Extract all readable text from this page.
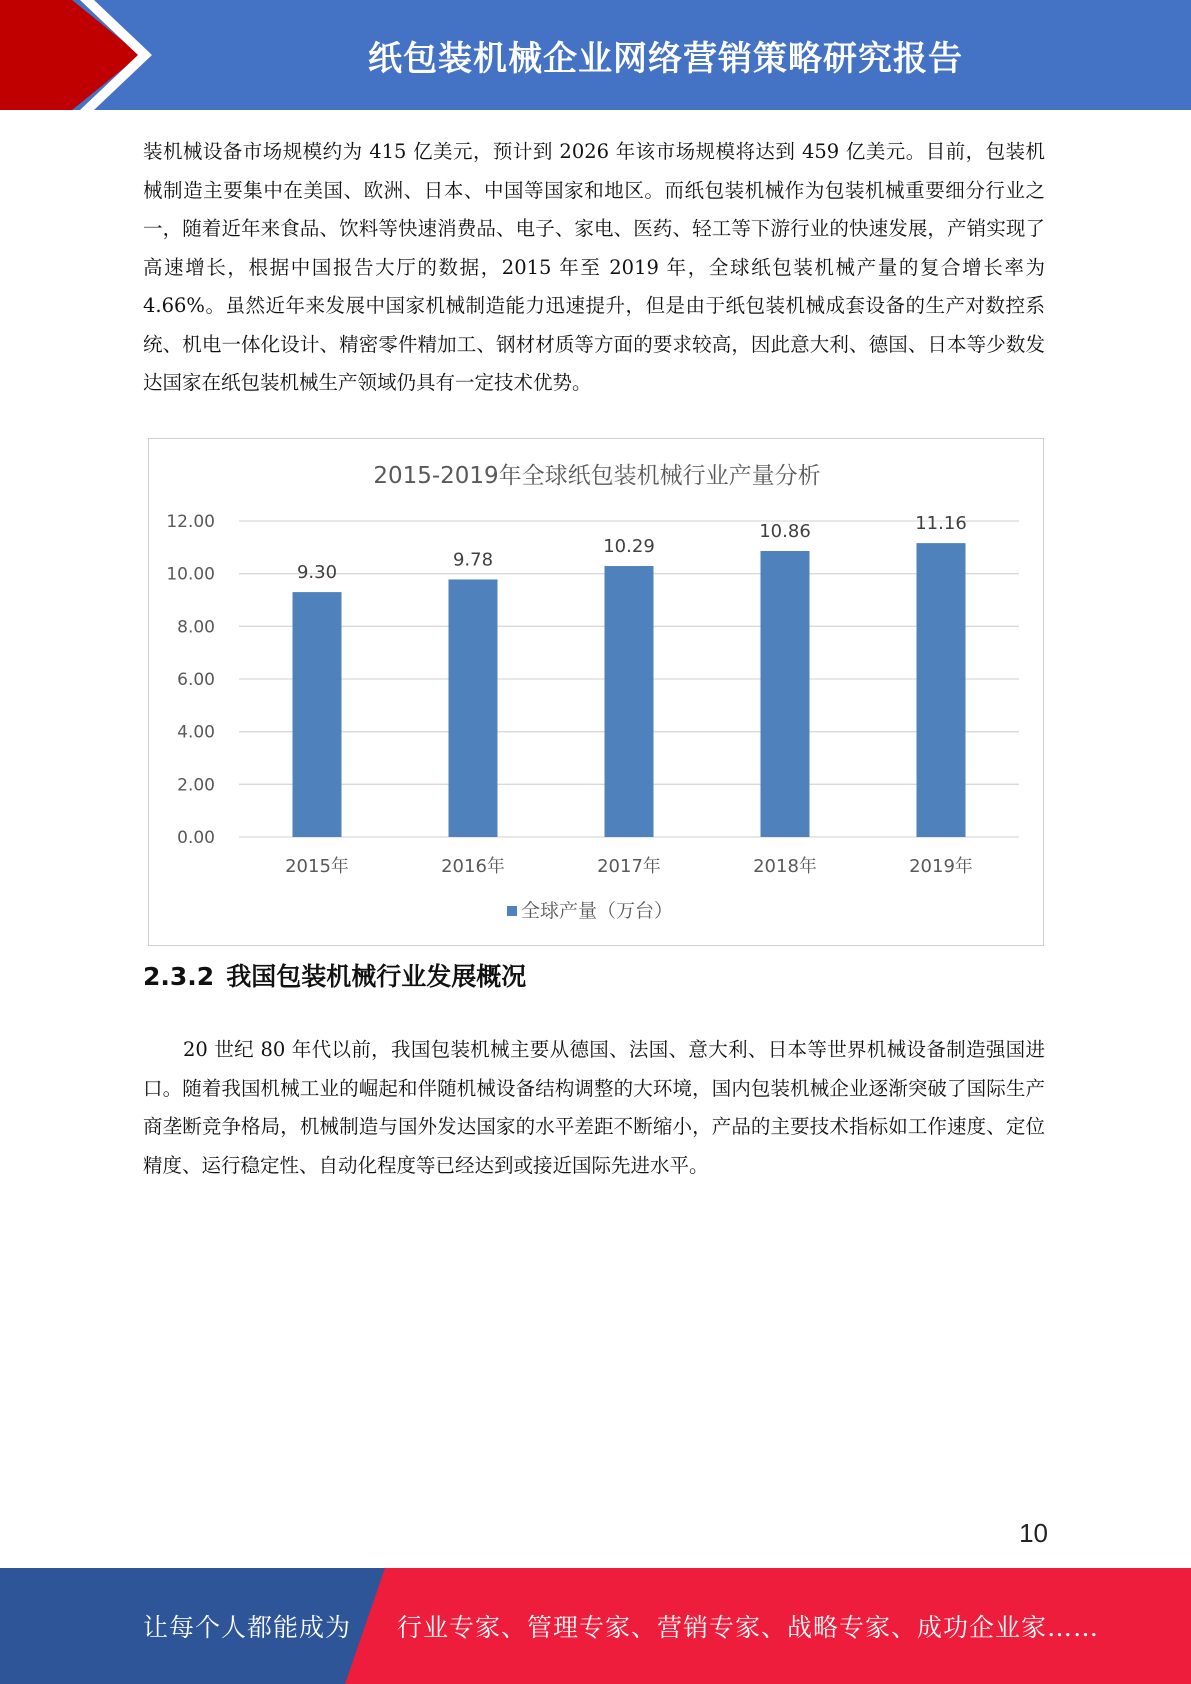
纸包装机械企业网络营销策略研究报告

装机械设备市场规模约为 415 亿美元，预计到 2026 年该市场规模将达到 459 亿美元。目前，包装机械制造主要集中在美国、欧洲、日本、中国等国家和地区。而纸包装机械作为包装机械重要细分行业之一，随着近年来食品、饮料等快速消费品、电子、家电、医药、轻工等下游行业的快速发展，产销实现了高速增长，根据中国报告大厅的数据，2015 年至 2019 年，全球纸包装机械产量的复合增长率为 4.66%。虽然近年来发展中国家机械制造能力迅速提升，但是由于纸包装机械成套设备的生产对数控系统、机电一体化设计、精密零件精加工、钢材材质等方面的要求较高，因此意大利、德国、日本等少数发达国家在纸包装机械生产领域仍具有一定技术优势。

2015-2019年全球纸包装机械行业产量分析
0.00
2.00
4.00
6.00
8.00
10.00
12.00
9.30
9.78
10.29
10.86	11.16
2015年	2016年	2017年	2018年	2019年
全球产量（万台）
2.3.2 我国包装机械行业发展概况

20 世纪 80 年代以前，我国包装机械主要从德国、法国、意大利、日本等世界机械设备制造强国进口。随着我国机械工业的崛起和伴随机械设备结构调整的大环境，国内包装机械企业逐渐突破了国际生产商垄断竞争格局，机械制造与国外发达国家的水平差距不断缩小，产品的主要技术指标如工作速度、定位精度、运行稳定性、自动化程度等已经达到或接近国际先进水平。

10
让每个人都能成为 行业专家、管理专家、营销专家、战略专家、成功企业家……
